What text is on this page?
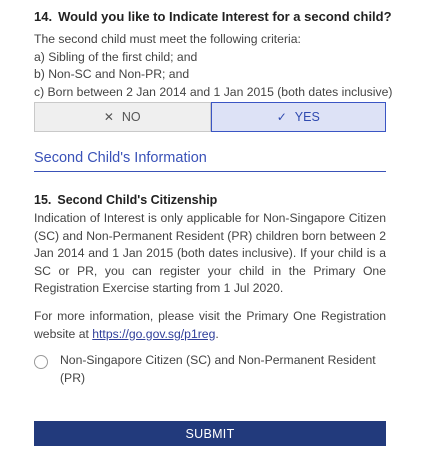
14. Would you like to Indicate Interest for a second child?
The second child must meet the following criteria:
a) Sibling of the first child; and
b) Non-SC and Non-PR; and
c) Born between 2 Jan 2014 and 1 Jan 2015 (both dates inclusive)
✕ NO	✓ YES
Second Child's Information
15. Second Child's Citizenship

Indication of Interest is only applicable for Non-Singapore Citizen (SC) and Non-Permanent Resident (PR) children born between 2 Jan 2014 and 1 Jan 2015 (both dates inclusive). If your child is a SC or PR, you can register your child in the Primary One Registration Exercise starting from 1 Jul 2020.

For more information, please visit the Primary One Registration website at https://go.gov.sg/p1reg.

Non-Singapore Citizen (SC) and Non-Permanent Resident (PR)
SUBMIT
